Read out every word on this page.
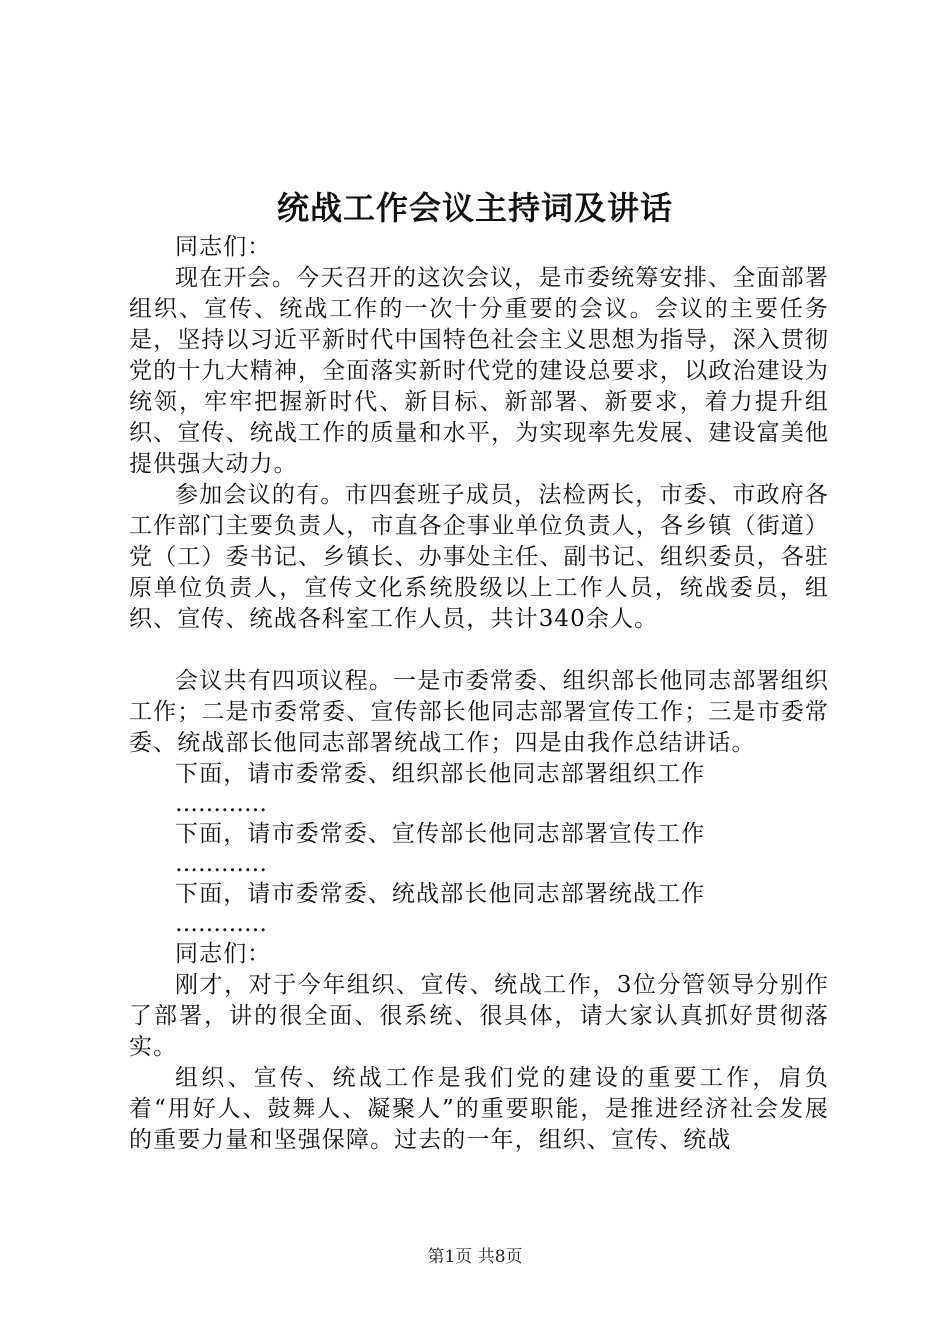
统战工作会议主持词及讲话

同志们：

现在开会。今天召开的这次会议，是市委统筹安排、全面部署组织、宣传、统战工作的一次十分重要的会议。会议的主要任务是，坚持以习近平新时代中国特色社会主义思想为指导，深入贯彻党的十九大精神，全面落实新时代党的建设总要求，以政治建设为统领，牢牢把握新时代、新目标、新部署、新要求，着力提升组织、宣传、统战工作的质量和水平，为实现率先发展、建设富美他提供强大动力。

参加会议的有。市四套班子成员，法检两长，市委、市政府各工作部门主要负责人，市直各企事业单位负责人，各乡镇（街道）党（工）委书记、乡镇长、办事处主任、副书记、组织委员，各驻原单位负责人，宣传文化系统股级以上工作人员，统战委员，组织、宣传、统战各科室工作人员，共计340余人。

会议共有四项议程。一是市委常委、组织部长他同志部署组织工作；二是市委常委、宣传部长他同志部署宣传工作；三是市委常委、统战部长他同志部署统战工作；四是由我作总结讲话。

下面，请市委常委、组织部长他同志部署组织工作

…………

下面，请市委常委、宣传部长他同志部署宣传工作

…………

下面，请市委常委、统战部长他同志部署统战工作

…………

同志们：

刚才，对于今年组织、宣传、统战工作，3位分管领导分别作了部署，讲的很全面、很系统、很具体，请大家认真抓好贯彻落实。

组织、宣传、统战工作是我们党的建设的重要工作，肩负着“用好人、鼓舞人、凝聚人”的重要职能，是推进经济社会发展的重要力量和坚强保障。过去的一年，组织、宣传、统战

第1页 共8页
